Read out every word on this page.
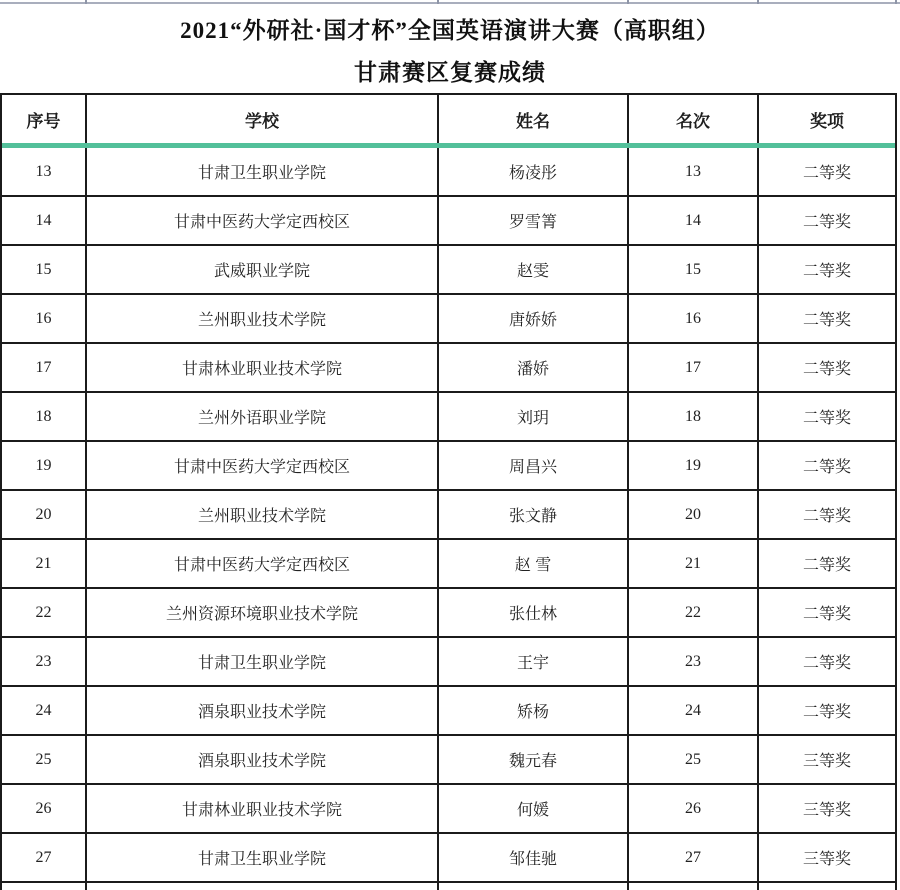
2021“外研社·国才杯”全国英语演讲大赛（高职组）
甘肃赛区复赛成绩
序号	学校	姓名	名次	奖项
13	甘肃卫生职业学院	杨凌彤	13	二等奖
14	甘肃中医药大学定西校区	罗雪箐	14	二等奖
15	武威职业学院	赵雯	15	二等奖
16	兰州职业技术学院	唐娇娇	16	二等奖
17	甘肃林业职业技术学院	潘娇	17	二等奖
18	兰州外语职业学院	刘玥	18	二等奖
19	甘肃中医药大学定西校区	周昌兴	19	二等奖
20	兰州职业技术学院	张文静	20	二等奖
21	甘肃中医药大学定西校区	赵 雪	21	二等奖
22	兰州资源环境职业技术学院	张仕林	22	二等奖
23	甘肃卫生职业学院	王宇	23	二等奖
24	酒泉职业技术学院	矫杨	24	二等奖
25	酒泉职业技术学院	魏元春	25	三等奖
26	甘肃林业职业技术学院	何媛	26	三等奖
27	甘肃卫生职业学院	邹佳驰	27	三等奖
